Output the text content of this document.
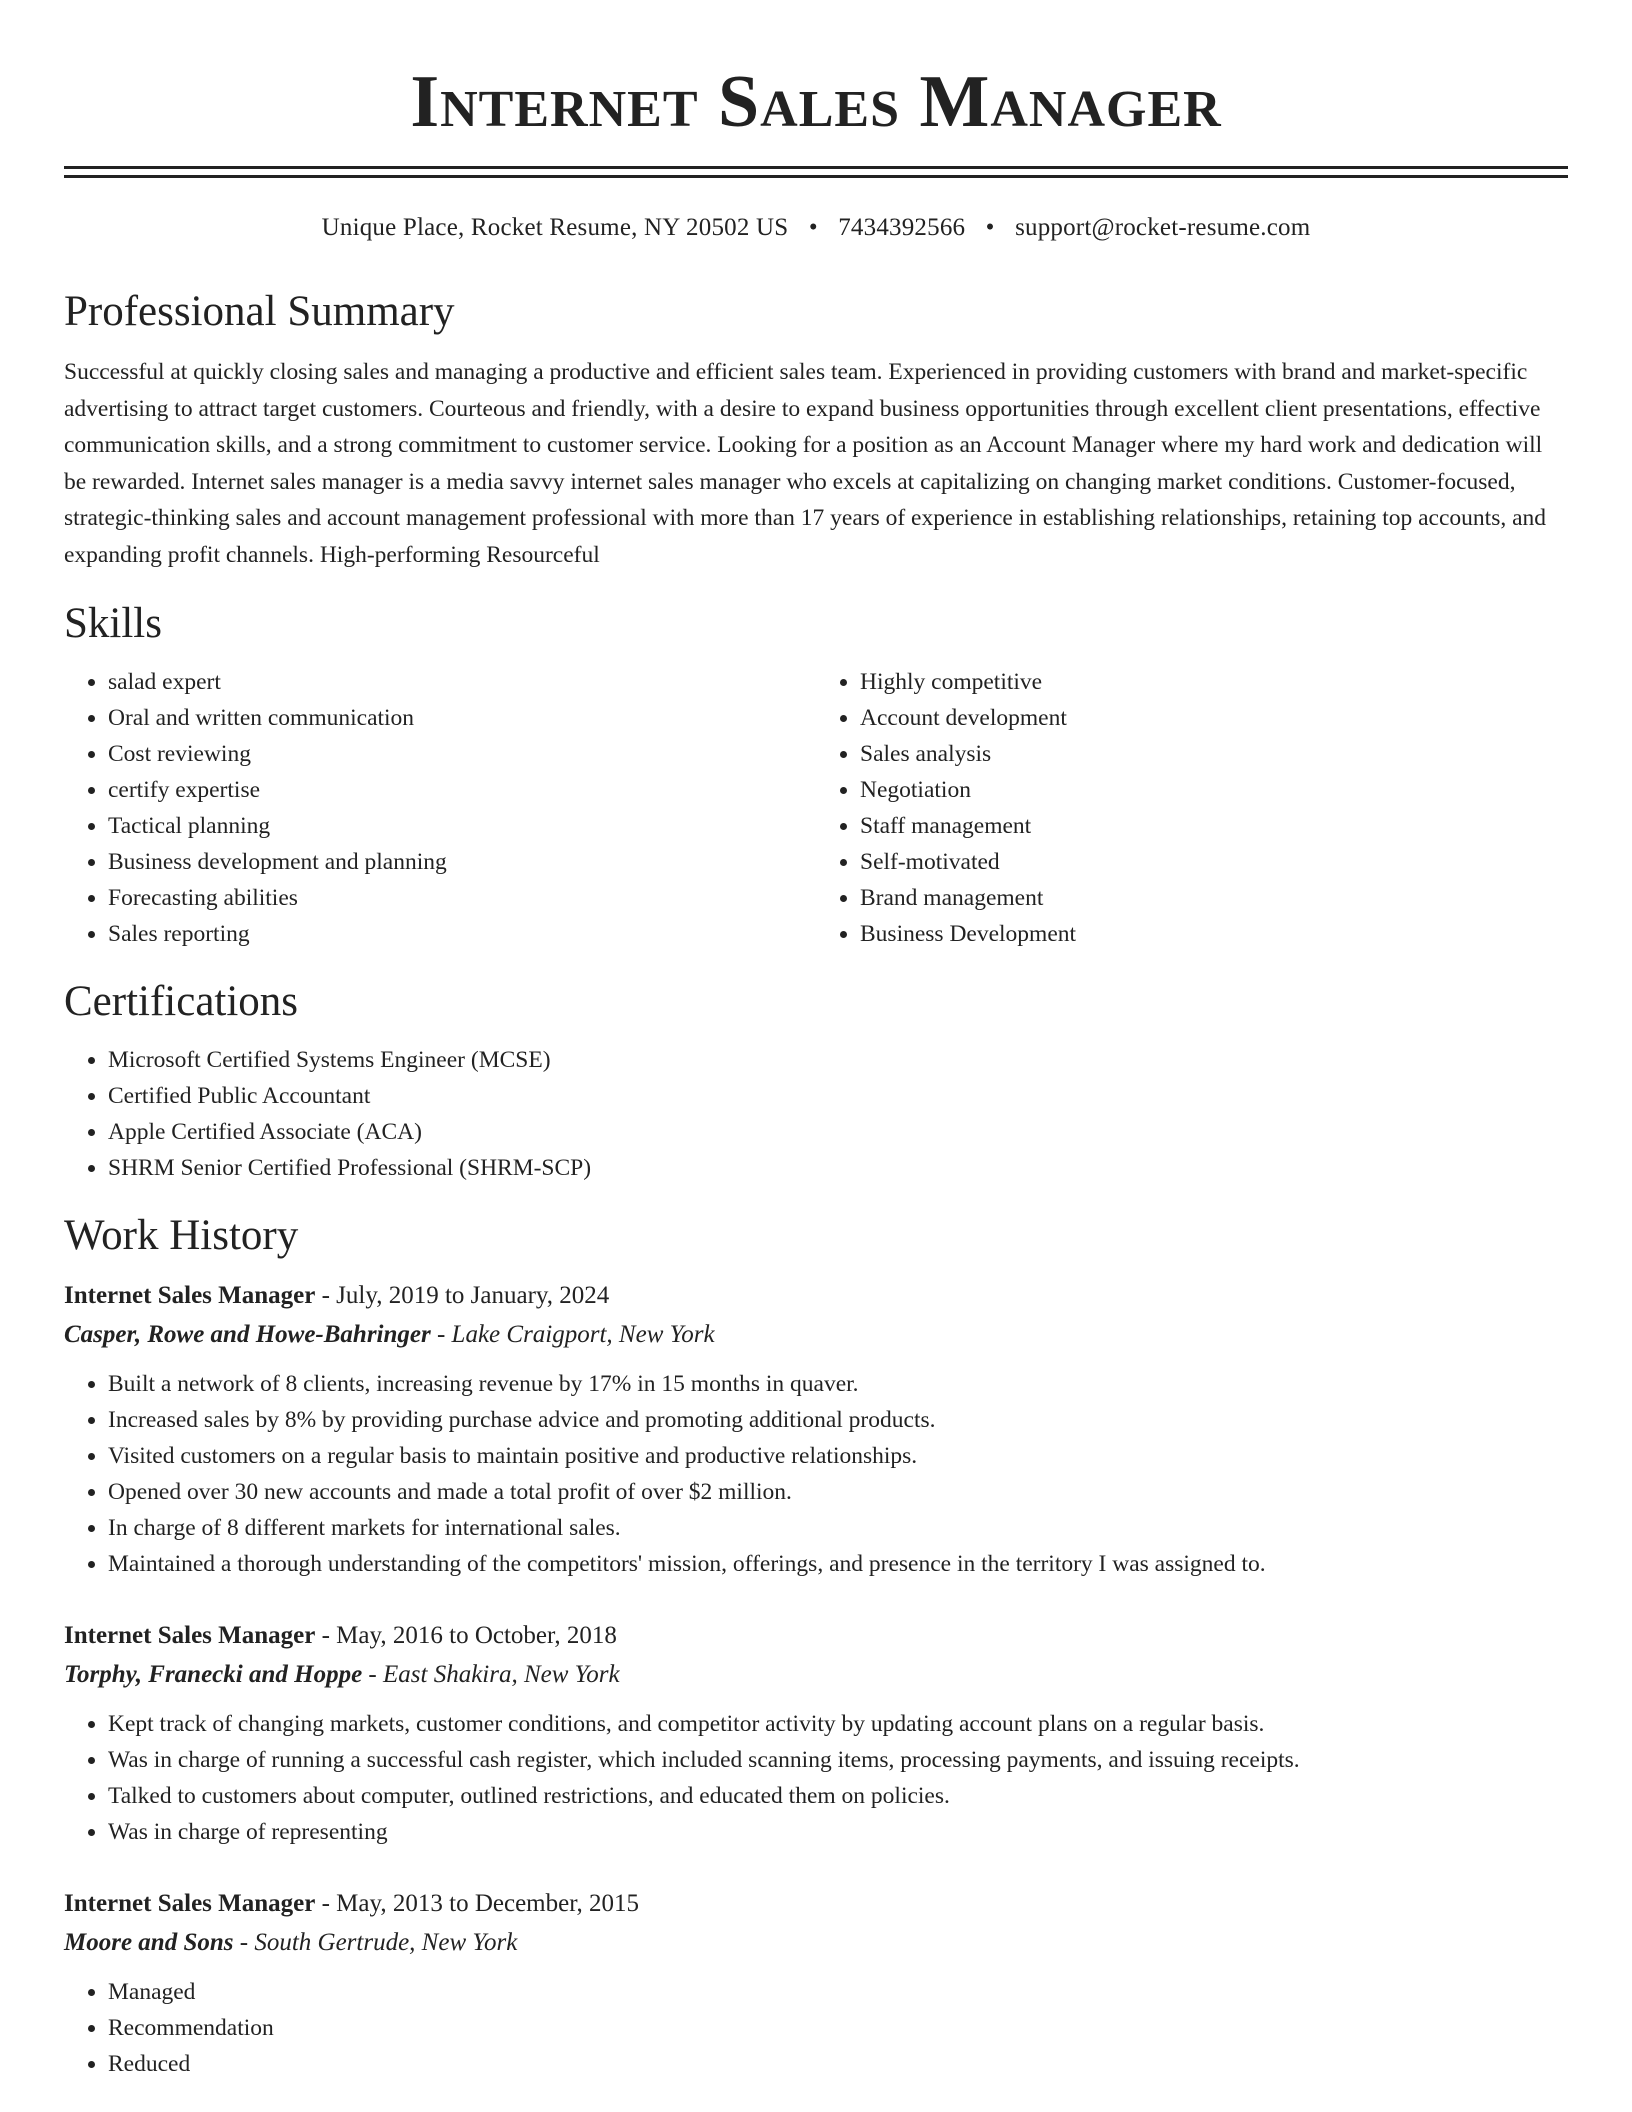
Internet Sales Manager
Unique Place, Rocket Resume, NY 20502 US • 7434392566 • support@rocket-resume.com
Professional Summary
Successful at quickly closing sales and managing a productive and efficient sales team. Experienced in providing customers with brand and market-specific advertising to attract target customers. Courteous and friendly, with a desire to expand business opportunities through excellent client presentations, effective communication skills, and a strong commitment to customer service. Looking for a position as an Account Manager where my hard work and dedication will be rewarded. Internet sales manager is a media savvy internet sales manager who excels at capitalizing on changing market conditions. Customer-focused, strategic-thinking sales and account management professional with more than 17 years of experience in establishing relationships, retaining top accounts, and expanding profit channels. High-performing Resourceful
Skills
• salad expert
• Oral and written communication
• Cost reviewing
• certify expertise
• Tactical planning
• Business development and planning
• Forecasting abilities
• Sales reporting
• Highly competitive
• Account development
• Sales analysis
• Negotiation
• Staff management
• Self-motivated
• Brand management
• Business Development
Certifications
• Microsoft Certified Systems Engineer (MCSE)
• Certified Public Accountant
• Apple Certified Associate (ACA)
• SHRM Senior Certified Professional (SHRM-SCP)
Work History
Internet Sales Manager - July, 2019 to January, 2024
Casper, Rowe and Howe-Bahringer - Lake Craigport, New York
• Built a network of 8 clients, increasing revenue by 17% in 15 months in quaver.
• Increased sales by 8% by providing purchase advice and promoting additional products.
• Visited customers on a regular basis to maintain positive and productive relationships.
• Opened over 30 new accounts and made a total profit of over $2 million.
• In charge of 8 different markets for international sales.
• Maintained a thorough understanding of the competitors' mission, offerings, and presence in the territory I was assigned to.
Internet Sales Manager - May, 2016 to October, 2018
Torphy, Franecki and Hoppe - East Shakira, New York
• Kept track of changing markets, customer conditions, and competitor activity by updating account plans on a regular basis.
• Was in charge of running a successful cash register, which included scanning items, processing payments, and issuing receipts.
• Talked to customers about computer, outlined restrictions, and educated them on policies.
• Was in charge of representing
Internet Sales Manager - May, 2013 to December, 2015
Moore and Sons - South Gertrude, New York
• Managed
• Recommendation
• Reduced
